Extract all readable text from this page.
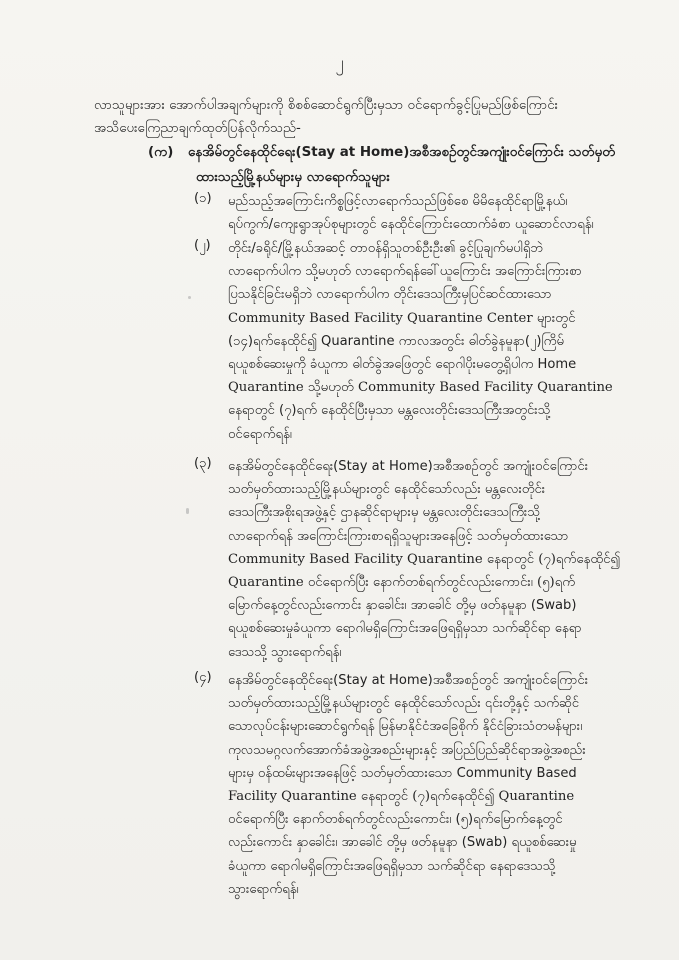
၂
လာသူများအား အောက်ပါအချက်များကို စိစစ်ဆောင်ရွက်ပြီးမှသာ ဝင်ရောက်ခွင့်ပြုမည်ဖြစ်ကြောင်း
အသိပေးကြေညာချက်ထုတ်ပြန်လိုက်သည်-
(က) နေအိမ်တွင်နေထိုင်ရေး(Stay at Home)အစီအစဉ်တွင်အကျုံးဝင်ကြောင်း သတ်မှတ်
ထားသည့်မြို့နယ်များမှ လာရောက်သူများ
(၁)	မည်သည့်အကြောင်းကိစ္စဖြင့်လာရောက်သည်ဖြစ်စေ မိမိနေထိုင်ရာမြို့နယ်၊
ရပ်ကွက်/ကျေးရွာအုပ်စုများတွင် နေထိုင်ကြောင်းထောက်ခံစာ ယူဆောင်လာရန်၊
(၂)	တိုင်း/ခရိုင်/မြို့နယ်အဆင့် တာဝန်ရှိသူတစ်ဦးဦး၏ ခွင့်ပြုချက်မပါရှိဘဲ
လာရောက်ပါက သို့မဟုတ် လာရောက်ရန်ခေါ်ယူကြောင်း အကြောင်းကြားစာ
ပြသနိုင်ခြင်းမရှိဘဲ လာရောက်ပါက တိုင်းဒေသကြီးမှပြင်ဆင်ထားသော
Community Based Facility Quarantine Center များတွင်
(၁၄)ရက်နေထိုင်၍ Quarantine ကာလအတွင်း ဓါတ်ခွဲနမူနာ(၂)ကြိမ်
ရယူစစ်ဆေးမှုကို ခံယူကာ ဓါတ်ခွဲအဖြေတွင် ရောဂါပိုးမတွေ့ရှိပါက Home
Quarantine သို့မဟုတ် Community Based Facility Quarantine
နေရာတွင် (၇)ရက် နေထိုင်ပြီးမှသာ မန္တလေးတိုင်းဒေသကြီးအတွင်းသို့
ဝင်ရောက်ရန်၊
(၃)	နေအိမ်တွင်နေထိုင်ရေး(Stay at Home)အစီအစဉ်တွင် အကျုံးဝင်ကြောင်း
သတ်မှတ်ထားသည့်မြို့နယ်များတွင် နေထိုင်သော်လည်း မန္တလေးတိုင်း
ဒေသကြီးအစိုးရအဖွဲ့နှင့် ဌာနဆိုင်ရာများမှ မန္တလေးတိုင်းဒေသကြီးသို့
လာရောက်ရန် အကြောင်းကြားစာရရှိသူများအနေဖြင့် သတ်မှတ်ထားသော
Community Based Facility Quarantine နေရာတွင် (၇)ရက်နေထိုင်၍
Quarantine ဝင်ရောက်ပြီး နောက်တစ်ရက်တွင်လည်းကောင်း၊ (၅)ရက်
မြောက်နေ့တွင်လည်းကောင်း နှာခေါင်း၊ အာခေါင် တို့မှ ဖတ်နမူနာ (Swab)
ရယူစစ်ဆေးမှုခံယူကာ ရောဂါမရှိကြောင်းအဖြေရရှိမှသာ သက်ဆိုင်ရာ နေရာ
ဒေသသို့ သွားရောက်ရန်၊
(၄)	နေအိမ်တွင်နေထိုင်ရေး(Stay at Home)အစီအစဉ်တွင် အကျုံးဝင်ကြောင်း
သတ်မှတ်ထားသည့်မြို့နယ်များတွင် နေထိုင်သော်လည်း ၎င်းတို့နှင့် သက်ဆိုင်
သောလုပ်ငန်းများဆောင်ရွက်ရန် မြန်မာနိုင်ငံအခြေစိုက် နိုင်ငံခြားသံတမန်များ၊
ကုလသမဂ္ဂလက်အောက်ခံအဖွဲ့အစည်းများနှင့် အပြည်ပြည်ဆိုင်ရာအဖွဲ့အစည်း
များမှ ဝန်ထမ်းများအနေဖြင့် သတ်မှတ်ထားသော Community Based
Facility Quarantine နေရာတွင် (၇)ရက်နေထိုင်၍ Quarantine
ဝင်ရောက်ပြီး နောက်တစ်ရက်တွင်လည်းကောင်း၊ (၅)ရက်မြောက်နေ့တွင်
လည်းကောင်း နှာခေါင်း၊ အာခေါင် တို့မှ ဖတ်နမူနာ (Swab) ရယူစစ်ဆေးမှု
ခံယူကာ ရောဂါမရှိကြောင်းအဖြေရရှိမှသာ သက်ဆိုင်ရာ နေရာဒေသသို့
သွားရောက်ရန်၊
